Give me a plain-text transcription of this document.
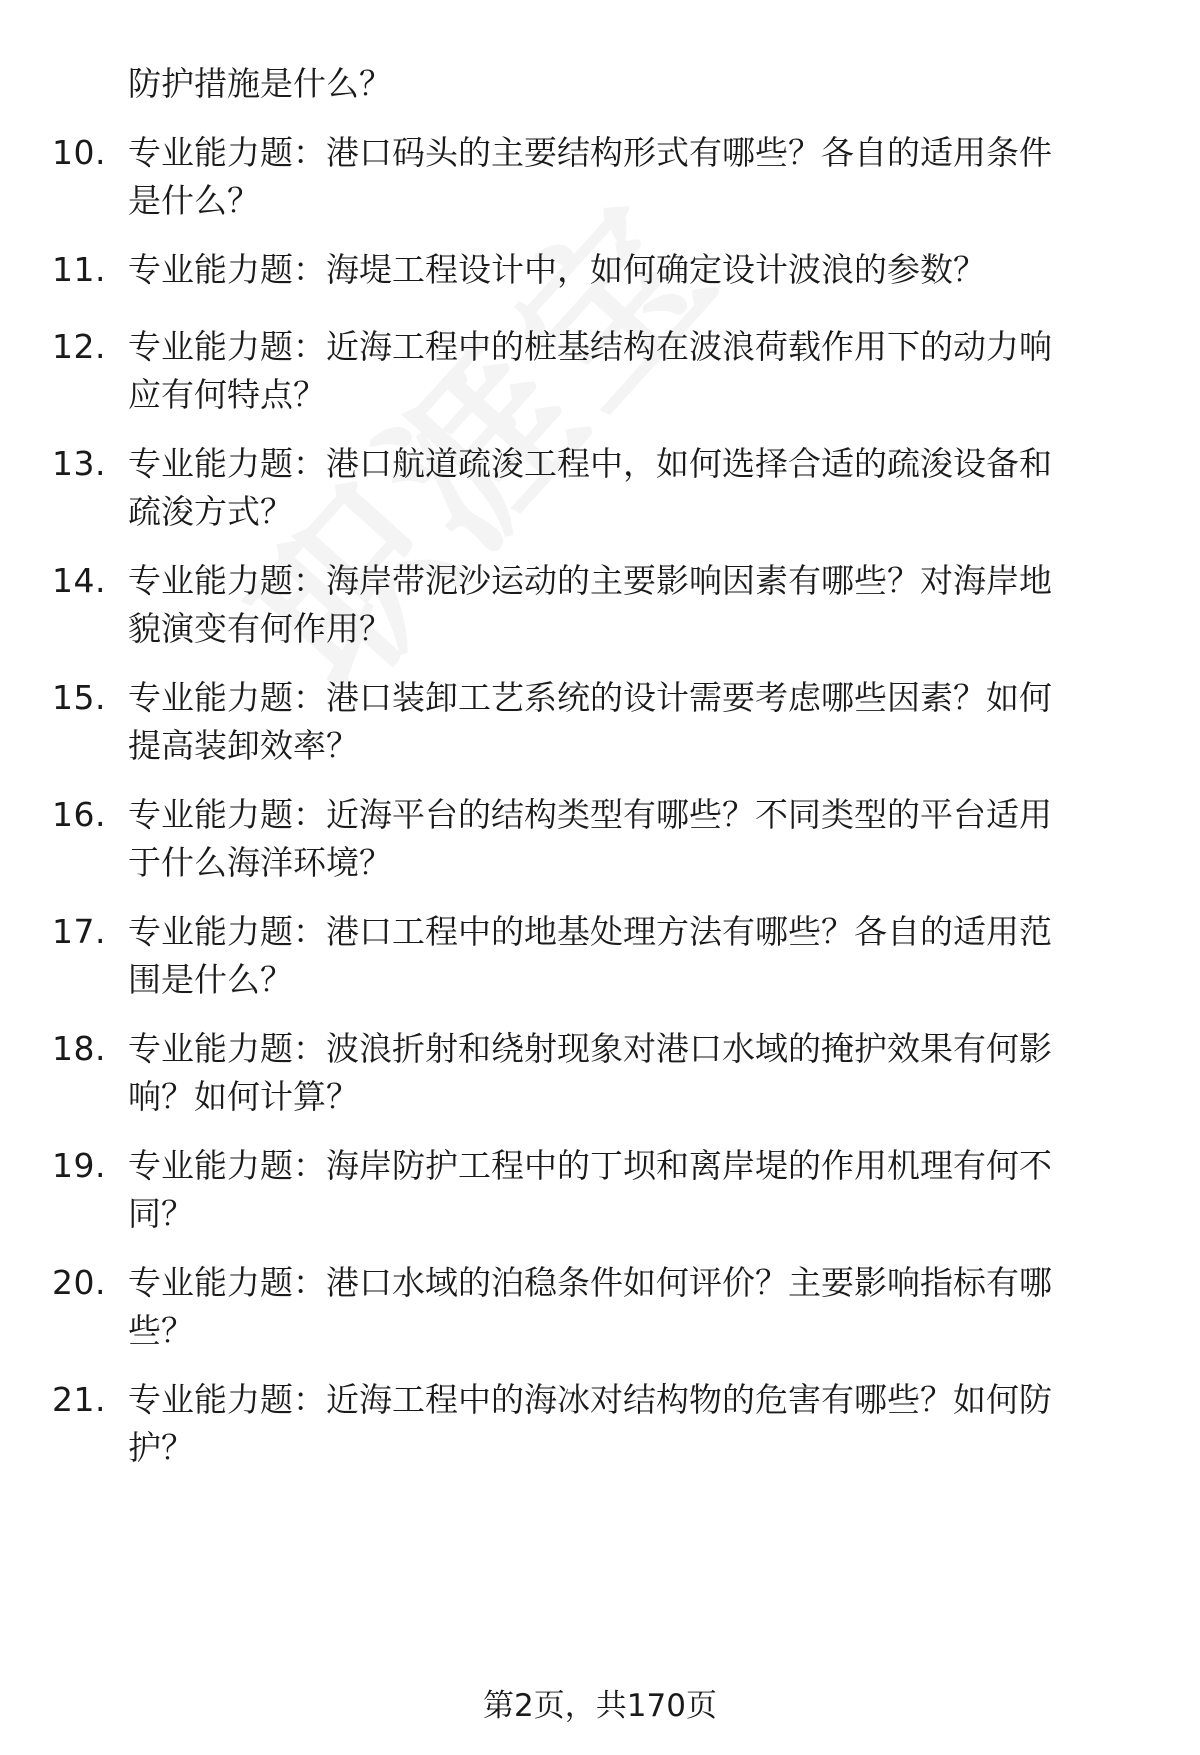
防护措施是什么？
10. 专业能力题：港口码头的主要结构形式有哪些？各自的适用条件
是什么？
11. 专业能力题：海堤工程设计中，如何确定设计波浪的参数？
12. 专业能力题：近海工程中的桩基结构在波浪荷载作用下的动力响
应有何特点？
13. 专业能力题：港口航道疏浚工程中，如何选择合适的疏浚设备和
疏浚方式？
14. 专业能力题：海岸带泥沙运动的主要影响因素有哪些？对海岸地
貌演变有何作用？
15. 专业能力题：港口装卸工艺系统的设计需要考虑哪些因素？如何
提高装卸效率？
16. 专业能力题：近海平台的结构类型有哪些？不同类型的平台适用
于什么海洋环境？
17. 专业能力题：港口工程中的地基处理方法有哪些？各自的适用范
围是什么？
18. 专业能力题：波浪折射和绕射现象对港口水域的掩护效果有何影
响？如何计算？
19. 专业能力题：海岸防护工程中的丁坝和离岸堤的作用机理有何不
同？
20. 专业能力题：港口水域的泊稳条件如何评价？主要影响指标有哪
些？
21. 专业能力题：近海工程中的海冰对结构物的危害有哪些？如何防
护？
第2页，共170页
